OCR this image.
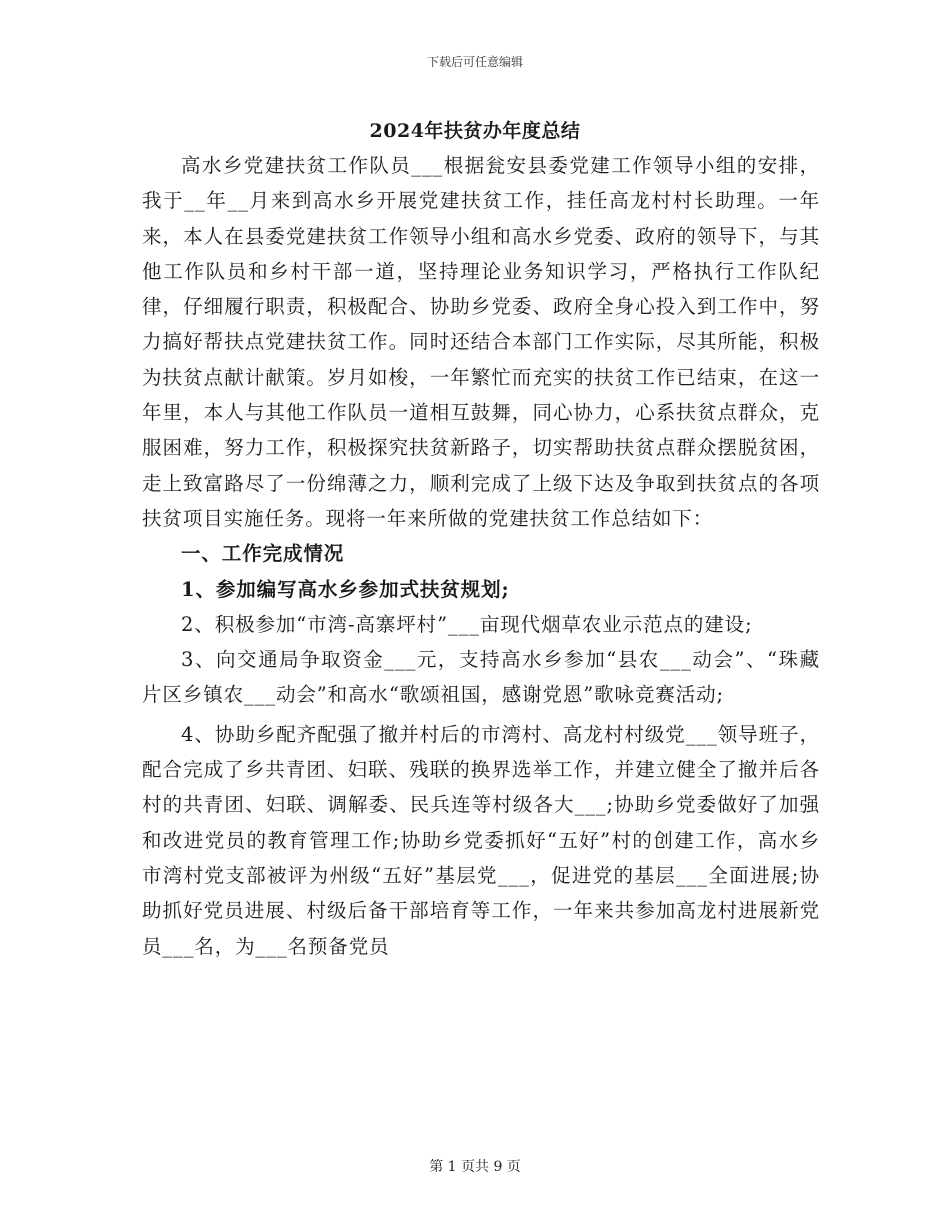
下载后可任意编辑
2024年扶贫办年度总结

高水乡党建扶贫工作队员___根据瓮安县委党建工作领导小组的安排，我于__年__月来到高水乡开展党建扶贫工作，挂任高龙村村长助理。一年来，本人在县委党建扶贫工作领导小组和高水乡党委、政府的领导下，与其他工作队员和乡村干部一道，坚持理论业务知识学习，严格执行工作队纪律，仔细履行职责，积极配合、协助乡党委、政府全身心投入到工作中，努力搞好帮扶点党建扶贫工作。同时还结合本部门工作实际，尽其所能，积极为扶贫点献计献策。岁月如梭，一年繁忙而充实的扶贫工作已结束，在这一年里，本人与其他工作队员一道相互鼓舞，同心协力，心系扶贫点群众，克服困难，努力工作，积极探究扶贫新路子，切实帮助扶贫点群众摆脱贫困，走上致富路尽了一份绵薄之力，顺利完成了上级下达及争取到扶贫点的各项扶贫项目实施任务。现将一年来所做的党建扶贫工作总结如下：

一、工作完成情况

1、参加编写高水乡参加式扶贫规划;

2、积极参加“市湾-高寨坪村”___亩现代烟草农业示范点的建设;

3、向交通局争取资金___元，支持高水乡参加“县农___动会”、“珠藏片区乡镇农___动会”和高水“歌颂祖国，感谢党恩”歌咏竞赛活动;

4、协助乡配齐配强了撤并村后的市湾村、高龙村村级党___领导班子，配合完成了乡共青团、妇联、残联的换界选举工作，并建立健全了撤并后各村的共青团、妇联、调解委、民兵连等村级各大___;协助乡党委做好了加强和改进党员的教育管理工作;协助乡党委抓好“五好”村的创建工作，高水乡市湾村党支部被评为州级“五好”基层党___，促进党的基层___全面进展;协助抓好党员进展、村级后备干部培育等工作，一年来共参加高龙村进展新党员___名，为___名预备党员

第 1 页共 9 页
